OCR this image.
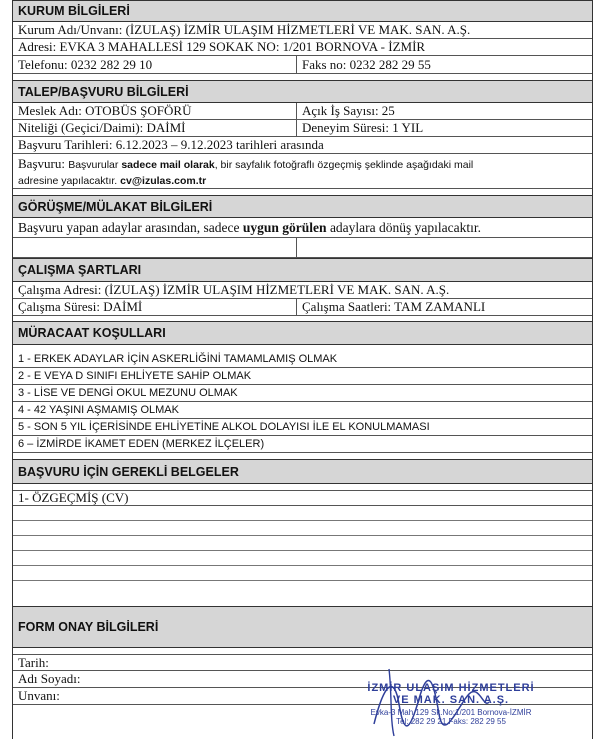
KURUM BİLGİLERİ
Kurum Adı/Unvanı: (İZULAŞ) İZMİR ULAŞIM HİZMETLERİ VE MAK. SAN. A.Ş.
Adresi: EVKA 3 MAHALLESİ 129 SOKAK NO: 1/201 BORNOVA - İZMİR
Telefonu: 0232 282 29 10	Faks no: 0232 282 29 55
TALEP/BAŞVURU BİLGİLERİ
Meslek Adı: OTOBÜS ŞOFÖRÜ	Açık İş Sayısı: 25
Niteliği (Geçici/Daimi): DAİMİ	Deneyim Süresi: 1 YIL
Başvuru Tarihleri: 6.12.2023 – 9.12.2023 tarihleri arasında
Başvuru: Başvurular sadece mail olarak, bir sayfalık fotoğraflı özgeçmiş şeklinde aşağıdaki mail
adresine yapılacaktır. cv@izulas.com.tr
GÖRÜŞME/MÜLAKAT BİLGİLERİ
Başvuru yapan adaylar arasından, sadece
uygun görülen
adaylara dönüş yapılacaktır.
ÇALIŞMA ŞARTLARI
Çalışma Adresi: (İZULAŞ) İZMİR ULAŞIM HİZMETLERİ VE MAK. SAN. A.Ş.
Çalışma Süresi: DAİMİ	Çalışma Saatleri: TAM ZAMANLI
MÜRACAAT KOŞULLARI
1 - ERKEK ADAYLAR İÇİN ASKERLİĞİNİ TAMAMLAMIŞ OLMAK
2 - E VEYA D SINIFI EHLİYETE SAHİP OLMAK
3 - LİSE VE DENGİ OKUL MEZUNU OLMAK
4 - 42 YAŞINI AŞMAMIŞ OLMAK
5 - SON 5 YIL İÇERİSİNDE EHLİYETİNE ALKOL DOLAYISI İLE EL KONULMAMASI
6 – İZMİRDE İKAMET EDEN (MERKEZ İLÇELER)
BAŞVURU İÇİN GEREKLİ BELGELER
1- ÖZGEÇMİŞ (CV)
FORM ONAY BİLGİLERİ
Tarih:
Adı Soyadı:
Unvanı:	İZMİR ULAŞIM HİZMETLERİ
VE MAK. SAN. A.Ş.
Evka-3 Mah.129 Sk.No:1/201 Bornova-İZMİR
Tel: 282 29 21 Faks: 282 29 55
